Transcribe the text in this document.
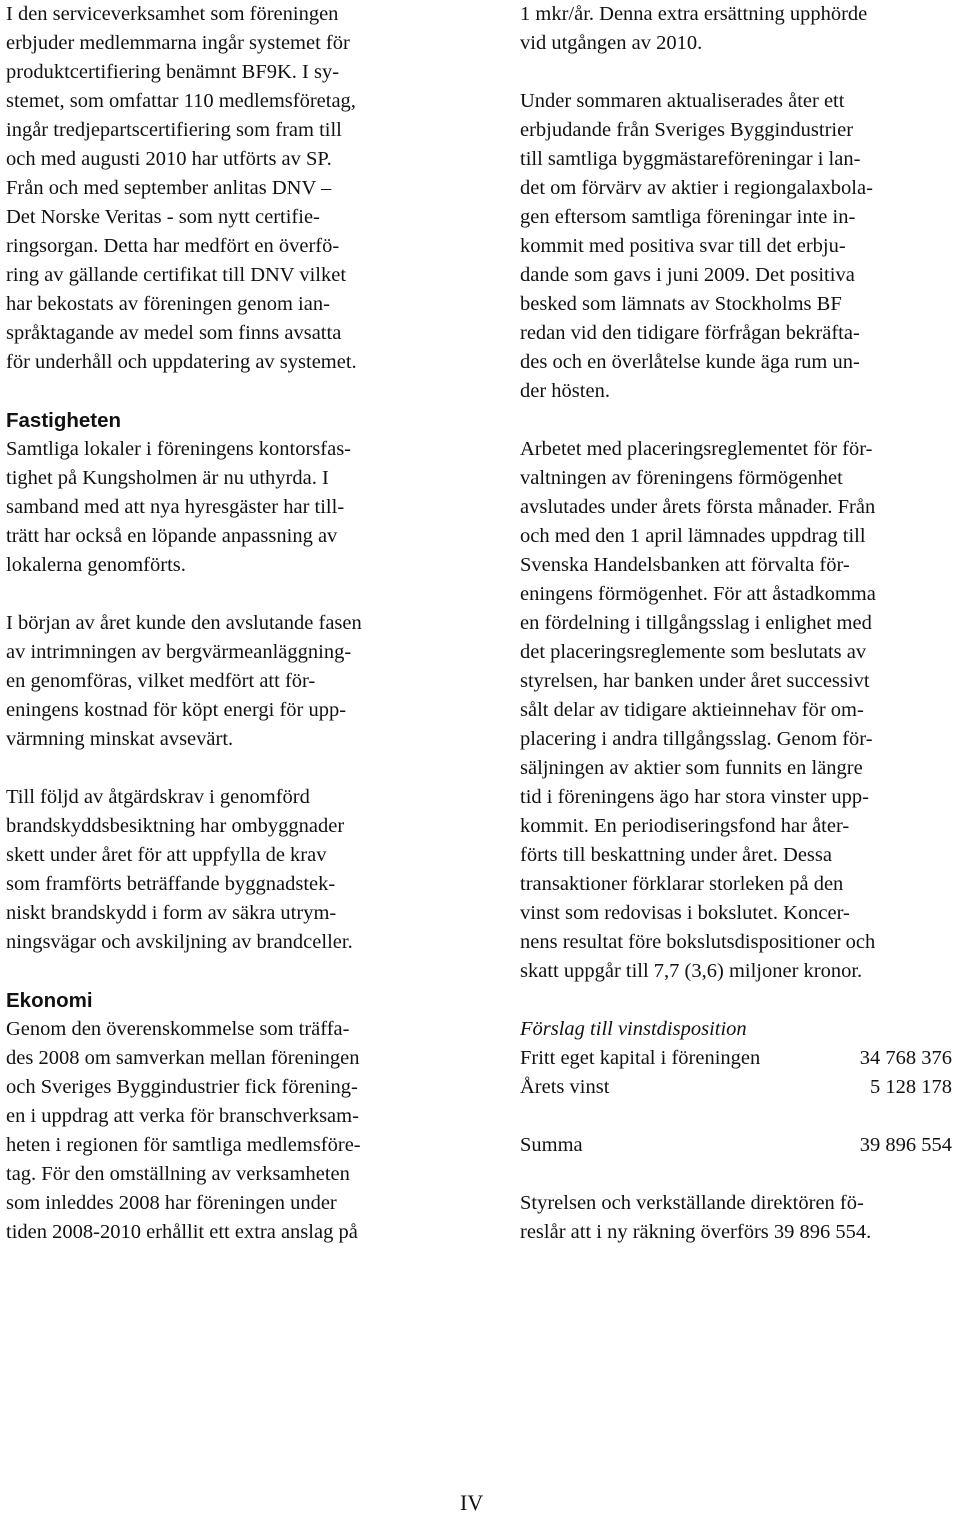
I den serviceverksamhet som föreningen
erbjuder medlemmarna ingår systemet för
produktcertifiering benämnt BF9K. I sy-
stemet, som omfattar 110 medlemsföretag,
ingår tredjepartscertifiering som fram till
och med augusti 2010 har utförts av SP.
Från och med september anlitas DNV –
Det Norske Veritas - som nytt certifie-
ringsorgan. Detta har medfört en överfö-
ring av gällande certifikat till DNV vilket
har bekostats av föreningen genom ian-
språktagande av medel som finns avsatta
för underhåll och uppdatering av systemet.
Fastigheten
Samtliga lokaler i föreningens kontorsfas-
tighet på Kungsholmen är nu uthyrda. I
samband med att nya hyresgäster har till-
trätt har också en löpande anpassning av
lokalerna genomförts.
I början av året kunde den avslutande fasen
av intrimningen av bergvärmeanläggning-
en genomföras, vilket medfört att för-
eningens kostnad för köpt energi för upp-
värmning minskat avsevärt.
Till följd av åtgärdskrav i genomförd
brandskyddsbesiktning har ombyggnader
skett under året för att uppfylla de krav
som framförts beträffande byggnadstek-
niskt brandskydd i form av säkra utrym-
ningsvägar och avskiljning av brandceller.
Ekonomi
Genom den överenskommelse som träffa-
des 2008 om samverkan mellan föreningen
och Sveriges Byggindustrier fick förening-
en i uppdrag att verka för branschverksam-
heten i regionen för samtliga medlemsföre-
tag. För den omställning av verksamheten
som inleddes 2008 har föreningen under
tiden 2008-2010 erhållit ett extra anslag på
1 mkr/år. Denna extra ersättning upphörde
vid utgången av 2010.
Under sommaren aktualiserades åter ett
erbjudande från Sveriges Byggindustrier
till samtliga byggmästareföreningar i lan-
det om förvärv av aktier i regiongalaxbola-
gen eftersom samtliga föreningar inte in-
kommit med positiva svar till det erbju-
dande som gavs i juni 2009. Det positiva
besked som lämnats av Stockholms BF
redan vid den tidigare förfrågan bekräfta-
des och en överlåtelse kunde äga rum un-
der hösten.
Arbetet med placeringsreglementet för för-
valtningen av föreningens förmögenhet
avslutades under årets första månader. Från
och med den 1 april lämnades uppdrag till
Svenska Handelsbanken att förvalta för-
eningens förmögenhet. För att åstadkomma
en fördelning i tillgångsslag i enlighet med
det placeringsreglemente som beslutats av
styrelsen, har banken under året successivt
sålt delar av tidigare aktieinnehav för om-
placering i andra tillgångsslag. Genom för-
säljningen av aktier som funnits en längre
tid i föreningens ägo har stora vinster upp-
kommit. En periodiseringsfond har åter-
förts till beskattning under året. Dessa
transaktioner förklarar storleken på den
vinst som redovisas i bokslutet. Koncer-
nens resultat före bokslutsdispositioner och
skatt uppgår till 7,7 (3,6) miljoner kronor.
Förslag till vinstdisposition
Fritt eget kapital i föreningen	34 768 376
Årets vinst	5 128 178
Summa	39 896 554
Styrelsen och verkställande direktören fö-
reslår att i ny räkning överförs 39 896 554.
IV
